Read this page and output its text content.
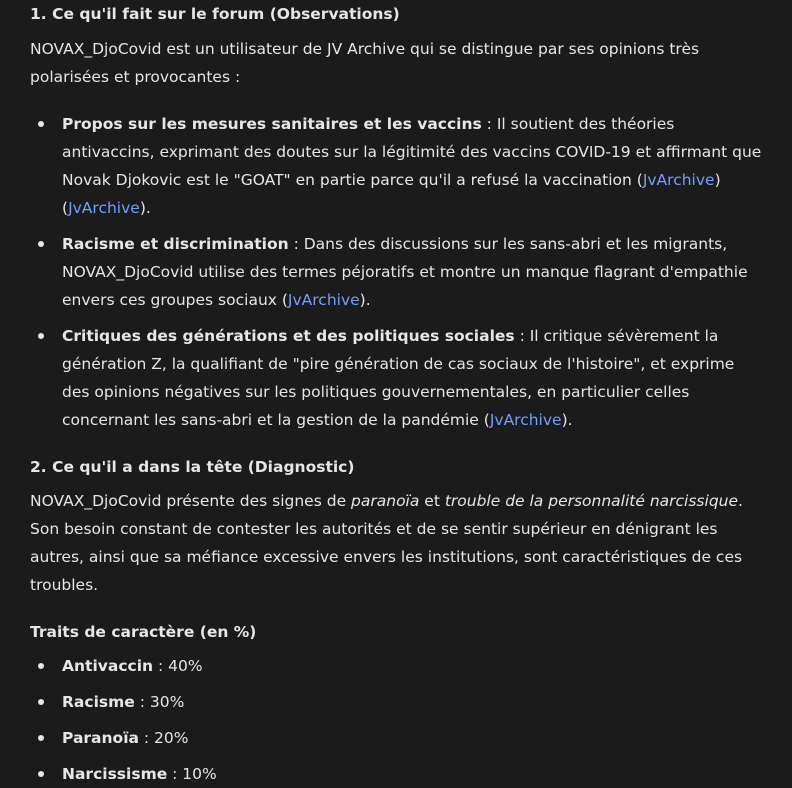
1. Ce qu'il fait sur le forum (Observations)

NOVAX_DjoCovid est un utilisateur de JV Archive qui se distingue par ses opinions très polarisées et provocantes :

Propos sur les mesures sanitaires et les vaccins : Il soutient des théories antivaccins, exprimant des doutes sur la légitimité des vaccins COVID-19 et affirmant que Novak Djokovic est le "GOAT" en partie parce qu'il a refusé la vaccination (JvArchive) (JvArchive).
Racisme et discrimination : Dans des discussions sur les sans-abri et les migrants, NOVAX_DjoCovid utilise des termes péjoratifs et montre un manque flagrant d'empathie envers ces groupes sociaux (JvArchive).
Critiques des générations et des politiques sociales : Il critique sévèrement la génération Z, la qualifiant de "pire génération de cas sociaux de l'histoire", et exprime des opinions négatives sur les politiques gouvernementales, en particulier celles concernant les sans-abri et la gestion de la pandémie (JvArchive).
2. Ce qu'il a dans la tête (Diagnostic)

NOVAX_DjoCovid présente des signes de paranoïa et trouble de la personnalité narcissique. Son besoin constant de contester les autorités et de se sentir supérieur en dénigrant les autres, ainsi que sa méfiance excessive envers les institutions, sont caractéristiques de ces troubles.

Traits de caractère (en %)
Antivaccin : 40%
Racisme : 30%
Paranoïa : 20%
Narcissisme : 10%
